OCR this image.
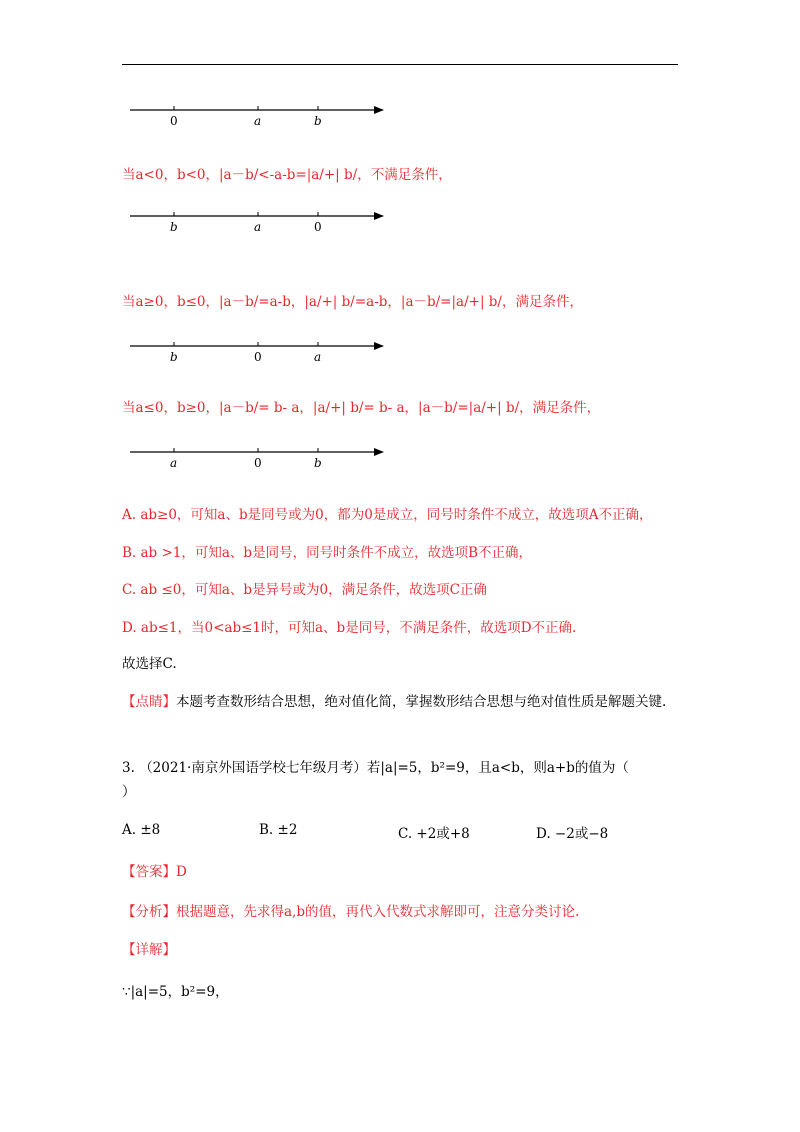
0	a	b
当a<0，b<0，|a－b/<-a-b=|a/+| b/，不满足条件，
b	a	0
当a≥0，b≤0，|a－b/=a-b，|a/+| b/=a-b，|a－b/=|a/+| b/，满足条件，
b	0	a
当a≤0，b≥0，|a－b/= b- a，|a/+| b/= b- a，|a－b/=|a/+| b/，满足条件，
a	0	b
A. ab≥0，可知a、b是同号或为0，都为0是成立，同号时条件不成立，故选项A不正确，
B. ab >1，可知a、b是同号，同号时条件不成立，故选项B不正确，
C. ab ≤0，可知a、b是异号或为0，满足条件，故选项C正确
D. ab≤1，当0<ab≤1时，可知a、b是同号，不满足条件，故选项D不正确.
故选择C.
【点睛】本题考查数形结合思想，绝对值化简，掌握数形结合思想与绝对值性质是解题关键.
3. （2021·南京外国语学校七年级月考）若|a|=5，b²=9，且a<b，则a+b的值为（
）
A. ±8	B. ±2	C. +2或+8	D. −2或−8
【答案】D
【分析】根据题意，先求得a,b的值，再代入代数式求解即可，注意分类讨论.
【详解】
∵|a|=5，b²=9，
